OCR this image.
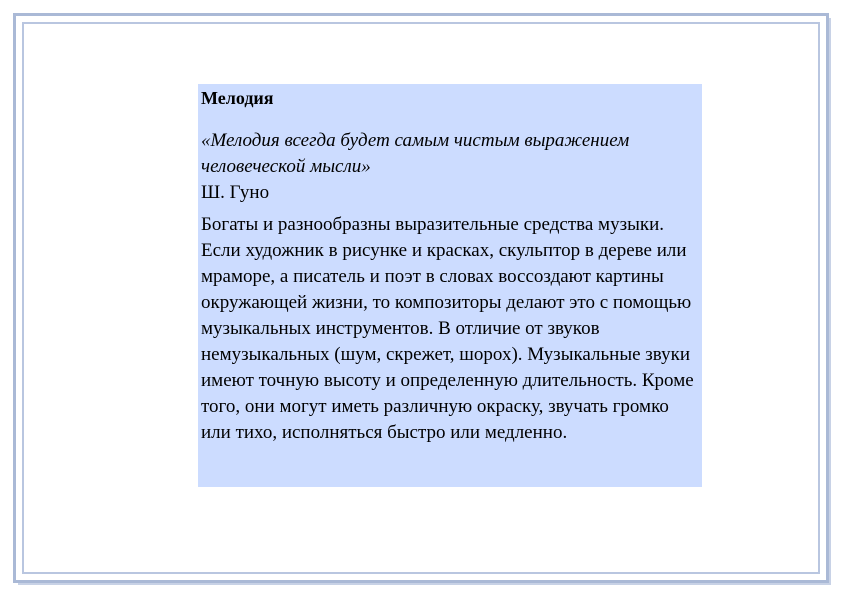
Мелодия

«Мелодия всегда будет самым чистым выражением человеческой мысли»

Ш. Гуно

Богаты и разнообразны выразительные средства музыки. Если художник в рисунке и красках, скульптор в дереве или мраморе, а писатель и поэт в словах воссоздают картины окружающей жизни, то композиторы делают это с помощью музыкальных инструментов. В отличие от звуков немузыкальных (шум, скрежет, шорох). Музыкальные звуки имеют точную высоту и определенную длительность. Кроме того, они могут иметь различную окраску, звучать громко или тихо, исполняться быстро или медленно.
